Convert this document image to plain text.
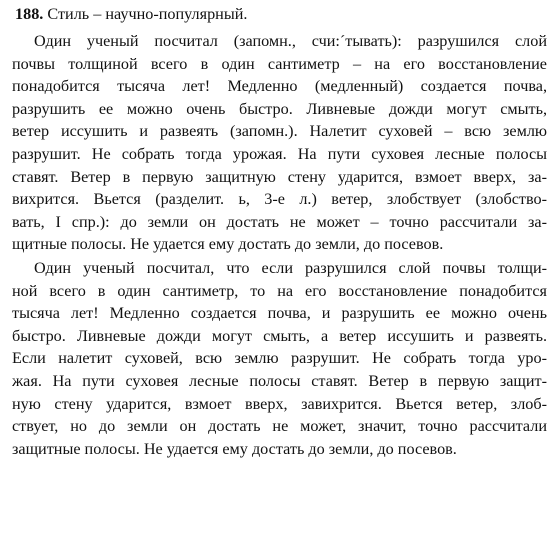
188. Стиль – научно-популярный.
Один ученый посчитал (запомн., счи:´тывать): разрушился слой
почвы толщиной всего в один сантиметр – на его восстановление
понадобится тысяча лет! Медленно (медленный) создается почва,
разрушить ее можно очень быстро. Ливневые дожди могут смыть,
ветер иссушить и развеять (запомн.). Налетит суховей – всю землю
разрушит. Не собрать тогда урожая. На пути суховея лесные полосы
ставят. Ветер в первую защитную стену ударится, взмоет вверх, за-
вихрится. Вьется (разделит. ь, 3-е л.) ветер, злобствует (злобство-
вать, I спр.): до земли он достать не может – точно рассчитали за-
щитные полосы. Не удается ему достать до земли, до посевов.
Один ученый посчитал, что если разрушился слой почвы толщи-
ной всего в один сантиметр, то на его восстановление понадобится
тысяча лет! Медленно создается почва, и разрушить ее можно очень
быстро. Ливневые дожди могут смыть, а ветер иссушить и развеять.
Если налетит суховей, всю землю разрушит. Не собрать тогда уро-
жая. На пути суховея лесные полосы ставят. Ветер в первую защит-
ную стену ударится, взмоет вверх, завихрится. Вьется ветер, злоб-
ствует, но до земли он достать не может, значит, точно рассчитали
защитные полосы. Не удается ему достать до земли, до посевов.
